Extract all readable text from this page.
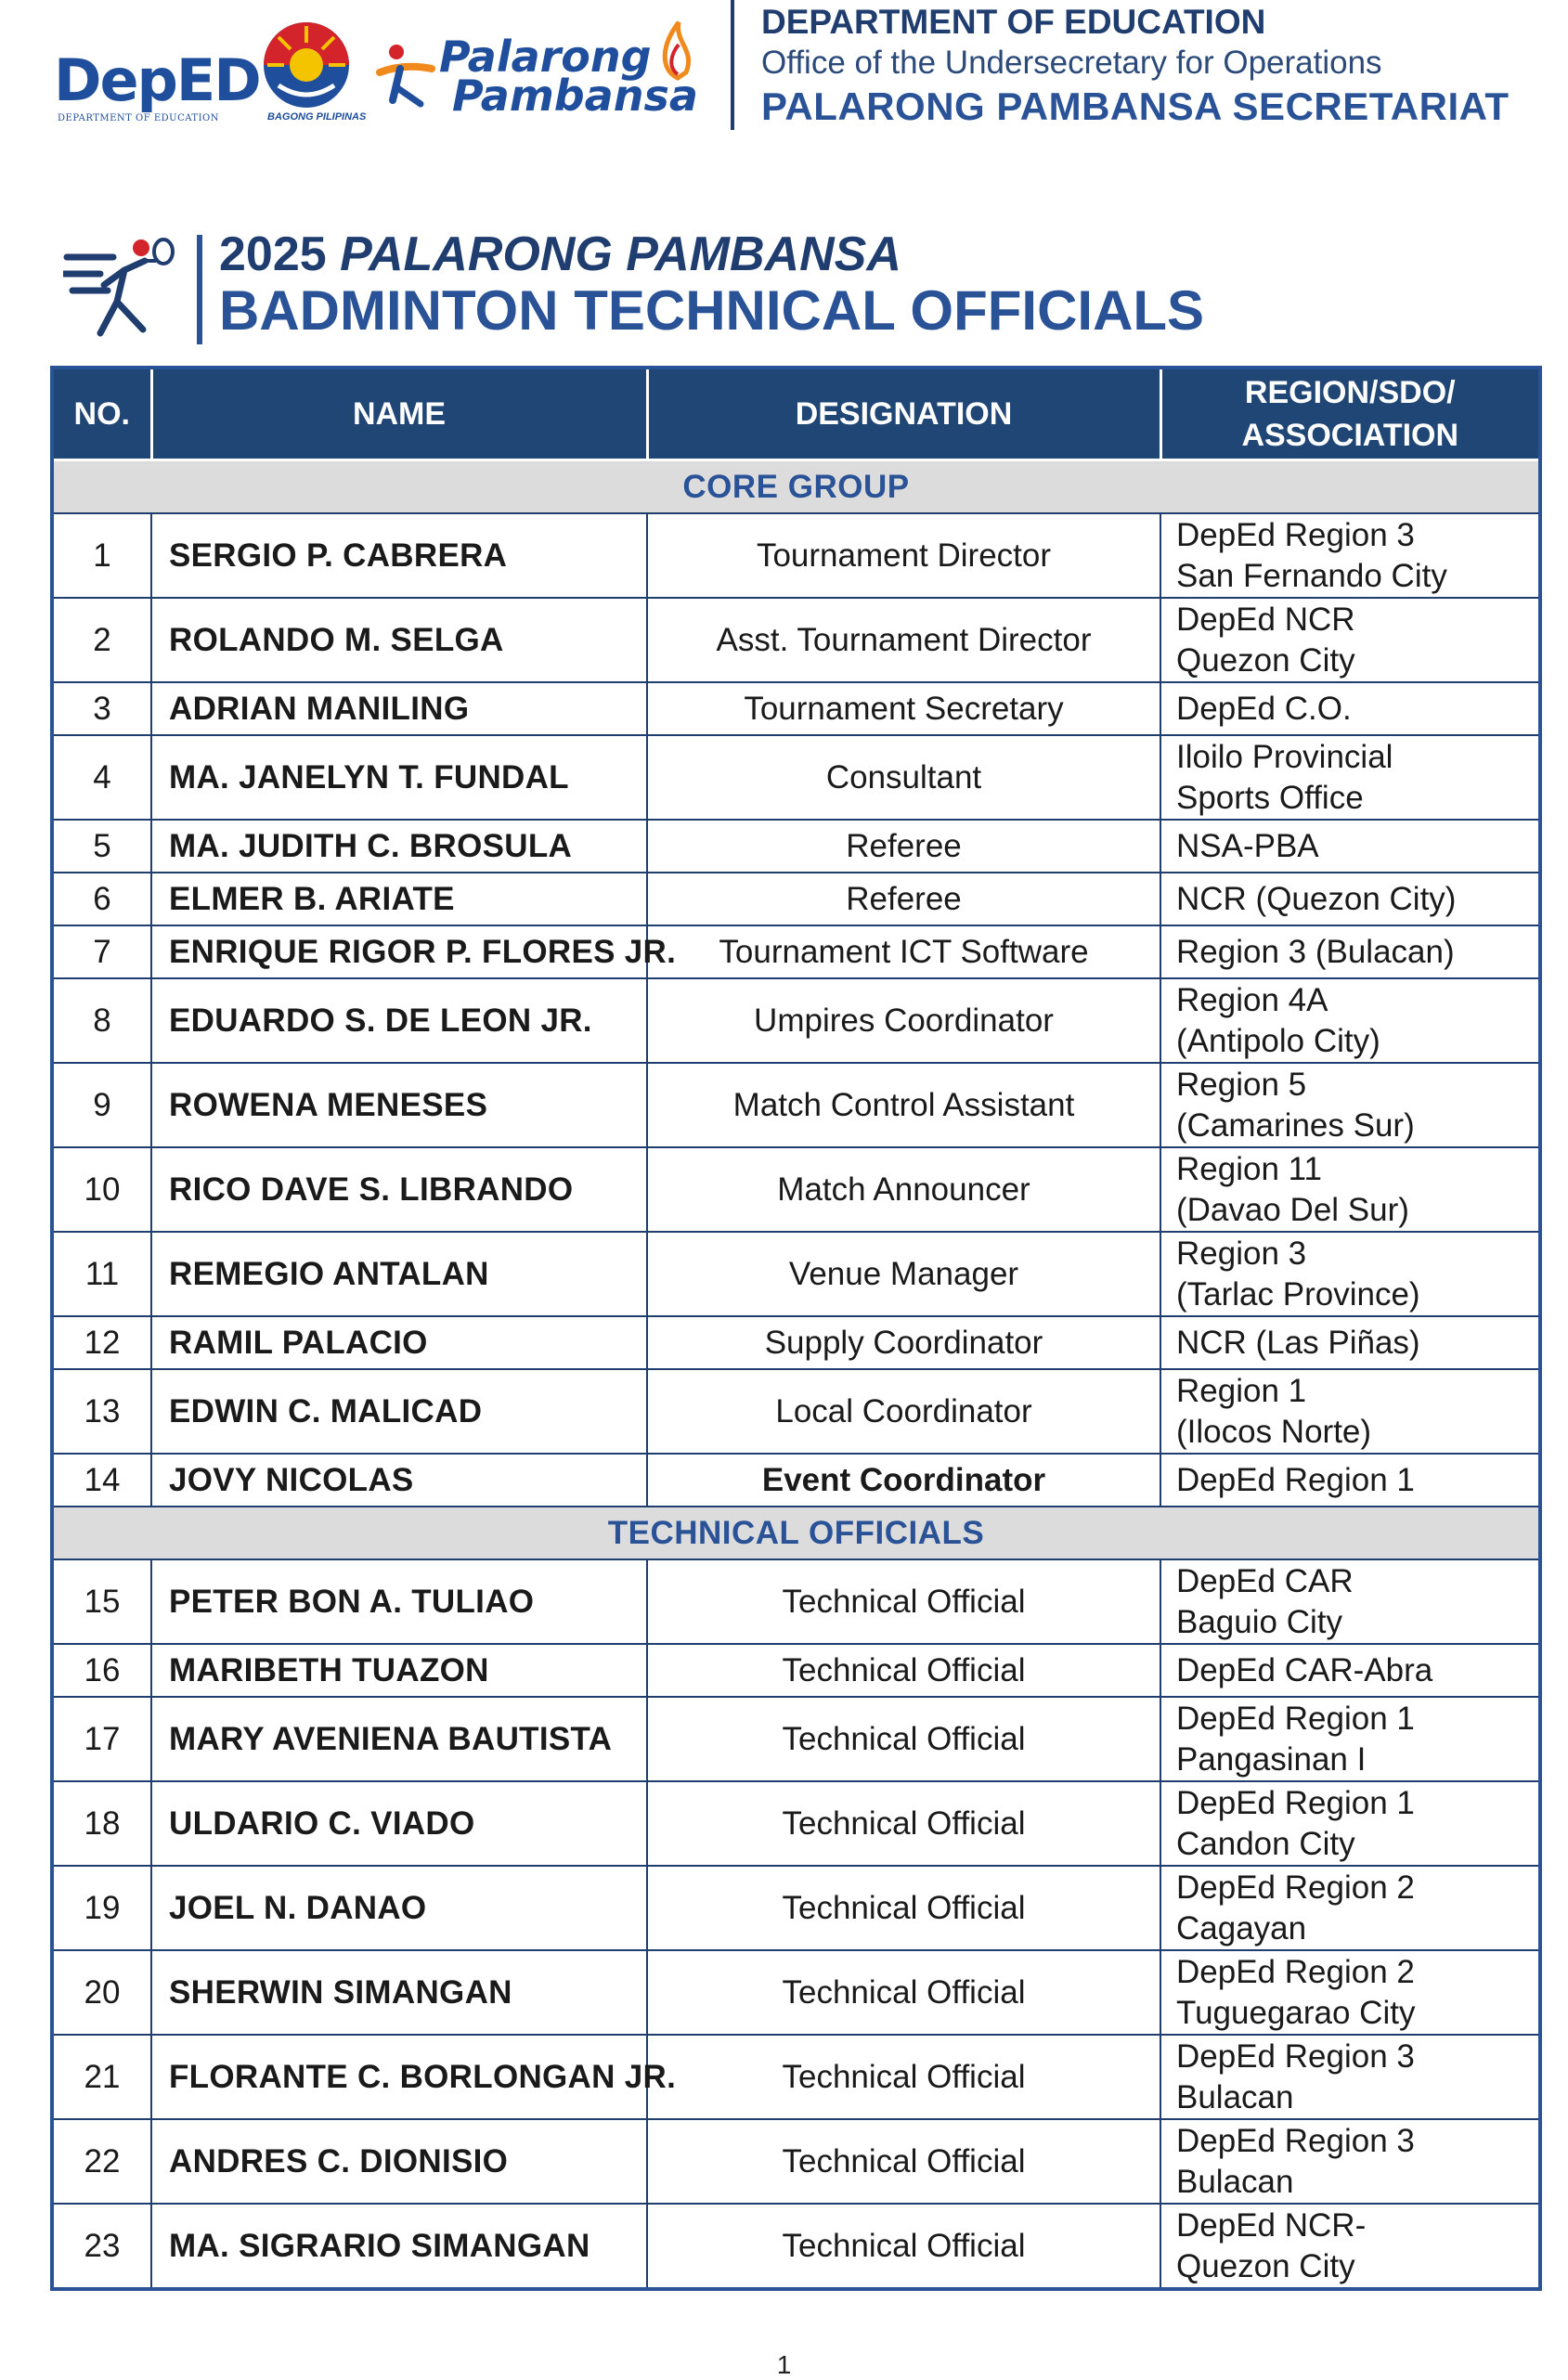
DepED
DEPARTMENT OF EDUCATION	BAGONG PILIPINAS
Palarong
Pambansa
DEPARTMENT OF EDUCATION
Office of the Undersecretary for Operations
PALARONG PAMBANSA SECRETARIAT
2025 PALARONG PAMBANSA
BADMINTON TECHNICAL OFFICIALS
NO.	NAME	DESIGNATION	REGION/SDO/
ASSOCIATION
CORE GROUP			
1	SERGIO P. CABRERA	Tournament Director	DepEd Region 3
San Fernando City
2	ROLANDO M. SELGA	Asst. Tournament Director	DepEd NCR
Quezon City
3	ADRIAN MANILING	Tournament Secretary	DepEd C.O.
4	MA. JANELYN T. FUNDAL	Consultant	Iloilo Provincial
Sports Office
5	MA. JUDITH C. BROSULA	Referee	NSA-PBA
6	ELMER B. ARIATE	Referee	NCR (Quezon City)
7	ENRIQUE RIGOR P. FLORES JR.	Tournament ICT Software	Region 3 (Bulacan)
8	EDUARDO S. DE LEON JR.	Umpires Coordinator	Region 4A
(Antipolo City)
9	ROWENA MENESES	Match Control Assistant	Region 5
(Camarines Sur)
10	RICO DAVE S. LIBRANDO	Match Announcer	Region 11
(Davao Del Sur)
11	REMEGIO ANTALAN	Venue Manager	Region 3
(Tarlac Province)
12	RAMIL PALACIO	Supply Coordinator	NCR (Las Piñas)
13	EDWIN C. MALICAD	Local Coordinator	Region 1
(Ilocos Norte)
14	JOVY NICOLAS	Event Coordinator	DepEd Region 1
TECHNICAL OFFICIALS			
15	PETER BON A. TULIAO	Technical Official	DepEd CAR
Baguio City
16	MARIBETH TUAZON	Technical Official	DepEd CAR-Abra
17	MARY AVENIENA BAUTISTA	Technical Official	DepEd Region 1
Pangasinan I
18	ULDARIO C. VIADO	Technical Official	DepEd Region 1
Candon City
19	JOEL N. DANAO	Technical Official	DepEd Region 2
Cagayan
20	SHERWIN SIMANGAN	Technical Official	DepEd Region 2
Tuguegarao City
21	FLORANTE C. BORLONGAN JR.	Technical Official	DepEd Region 3
Bulacan
22	ANDRES C. DIONISIO	Technical Official	DepEd Region 3
Bulacan
23	MA. SIGRARIO SIMANGAN	Technical Official	DepEd NCR-
Quezon City
1
